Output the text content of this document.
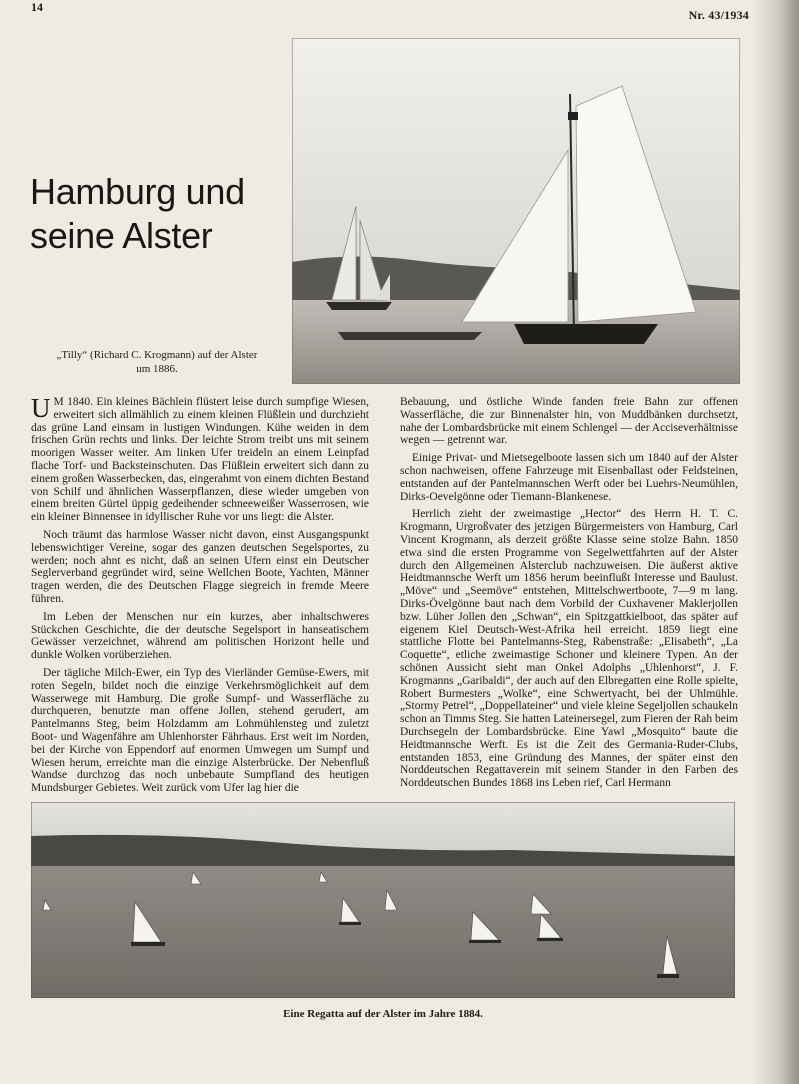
14
Nr. 43/1934
Hamburg und
seine Alster
„Tilly“ (Richard C. Krogmann) auf der Alster
um 1886.

U M 1840. Ein kleines Bächlein flüstert leise durch sumpfige Wiesen, erweitert sich allmählich zu einem kleinen Flüßlein und durchzieht das grüne Land einsam in lustigen Windungen. Kühe weiden in dem frischen Grün rechts und links. Der leichte Strom treibt uns mit seinem moorigen Wasser weiter. Am linken Ufer treideln an einem Leinpfad flache Torf- und Backsteinschuten. Das Flüßlein erweitert sich dann zu einem großen Wasserbecken, das, eingerahmt von einem dichten Bestand von Schilf und ähnlichen Wasserpflanzen, diese wieder umgeben von einem breiten Gürtel üppig gedeihender schneeweißer Wasserrosen, wie ein kleiner Binnensee in idyllischer Ruhe vor uns liegt: die Alster.

Noch träumt das harmlose Wasser nicht davon, einst Ausgangspunkt lebenswichtiger Vereine, sogar des ganzen deutschen Segelsportes, zu werden; noch ahnt es nicht, daß an seinen Ufern einst ein Deutscher Seglerverband gegründet wird, seine Wellchen Boote, Yachten, Männer tragen werden, die des Deutschen Flagge siegreich in fremde Meere führen.

Im Leben der Menschen nur ein kurzes, aber inhaltschweres Stückchen Geschichte, die der deutsche Segelsport in hanseatischem Gewässer verzeichnet, während am politischen Horizont helle und dunkle Wolken vorüberziehen.

Der tägliche Milch-Ewer, ein Typ des Vierländer Gemüse-Ewers, mit roten Segeln, bildet noch die einzige Verkehrsmöglichkeit auf dem Wasserwege mit Hamburg. Die große Sumpf- und Wasserfläche zu durchqueren, benutzte man offene Jollen, stehend gerudert, am Pantelmanns Steg, beim Holzdamm am Lohmühlensteg und zuletzt Boot- und Wagenfähre am Uhlenhorster Fährhaus. Erst weit im Norden, bei der Kirche von Eppendorf auf enormen Umwegen um Sumpf und Wiesen herum, erreichte man die einzige Alsterbrücke. Der Nebenfluß Wandse durchzog das noch unbebaute Sumpfland des heutigen Mundsburger Gebietes. Weit zurück vom Ufer lag hier die

Bebauung, und östliche Winde fanden freie Bahn zur offenen Wasserfläche, die zur Binnenalster hin, von Muddbänken durchsetzt, nahe der Lombardsbrücke mit einem Schlengel — der Acciseverhältnisse wegen — getrennt war.

Einige Privat- und Mietsegelboote lassen sich um 1840 auf der Alster schon nachweisen, offene Fahrzeuge mit Eisenballast oder Feldsteinen, entstanden auf der Pantelmannschen Werft oder bei Luehrs-Neumühlen, Dirks-Oevelgönne oder Tiemann-Blankenese.

Herrlich zieht der zweimastige „Hector“ des Herrn H. T. C. Krogmann, Urgroßvater des jetzigen Bürgermeisters von Hamburg, Carl Vincent Krogmann, als derzeit größte Klasse seine stolze Bahn. 1850 etwa sind die ersten Programme von Segelwettfahrten auf der Alster durch den Allgemeinen Alsterclub nachzuweisen. Die äußerst aktive Heidtmannsche Werft um 1856 herum beeinflußt Interesse und Baulust. „Möve“ und „Seemöve“ entstehen, Mittelschwertboote, 7—9 m lang. Dirks-Övelgönne baut nach dem Vorbild der Cuxhavener Maklerjollen bzw. Lüher Jollen den „Schwan“, ein Spitzgattkielboot, das später auf eigenem Kiel Deutsch-West-Afrika heil erreicht. 1859 liegt eine stattliche Flotte bei Pantelmanns-Steg, Rabenstraße: „Elisabeth“, „La Coquette“, etliche zweimastige Schoner und kleinere Typen. An der schönen Aussicht sieht man Onkel Adolphs „Uhlenhorst“, J. F. Krogmanns „Garibaldi“, der auch auf den Elbregatten eine Rolle spielte, Robert Burmesters „Wolke“, eine Schwertyacht, bei der Uhlmühle. „Stormy Petrel“, „Doppellateiner“ und viele kleine Segeljollen schaukeln schon an Timms Steg. Sie hatten Lateinersegel, zum Fieren der Rah beim Durchsegeln der Lombardsbrücke. Eine Yawl „Mosquito“ baute die Heidtmannsche Werft. Es ist die Zeit des Germania-Ruder-Clubs, entstanden 1853, eine Gründung des Mannes, der später einst den Norddeutschen Regattaverein mit seinem Stander in den Farben des Norddeutschen Bundes 1868 ins Leben rief, Carl Hermann

Eine Regatta auf der Alster im Jahre 1884.
